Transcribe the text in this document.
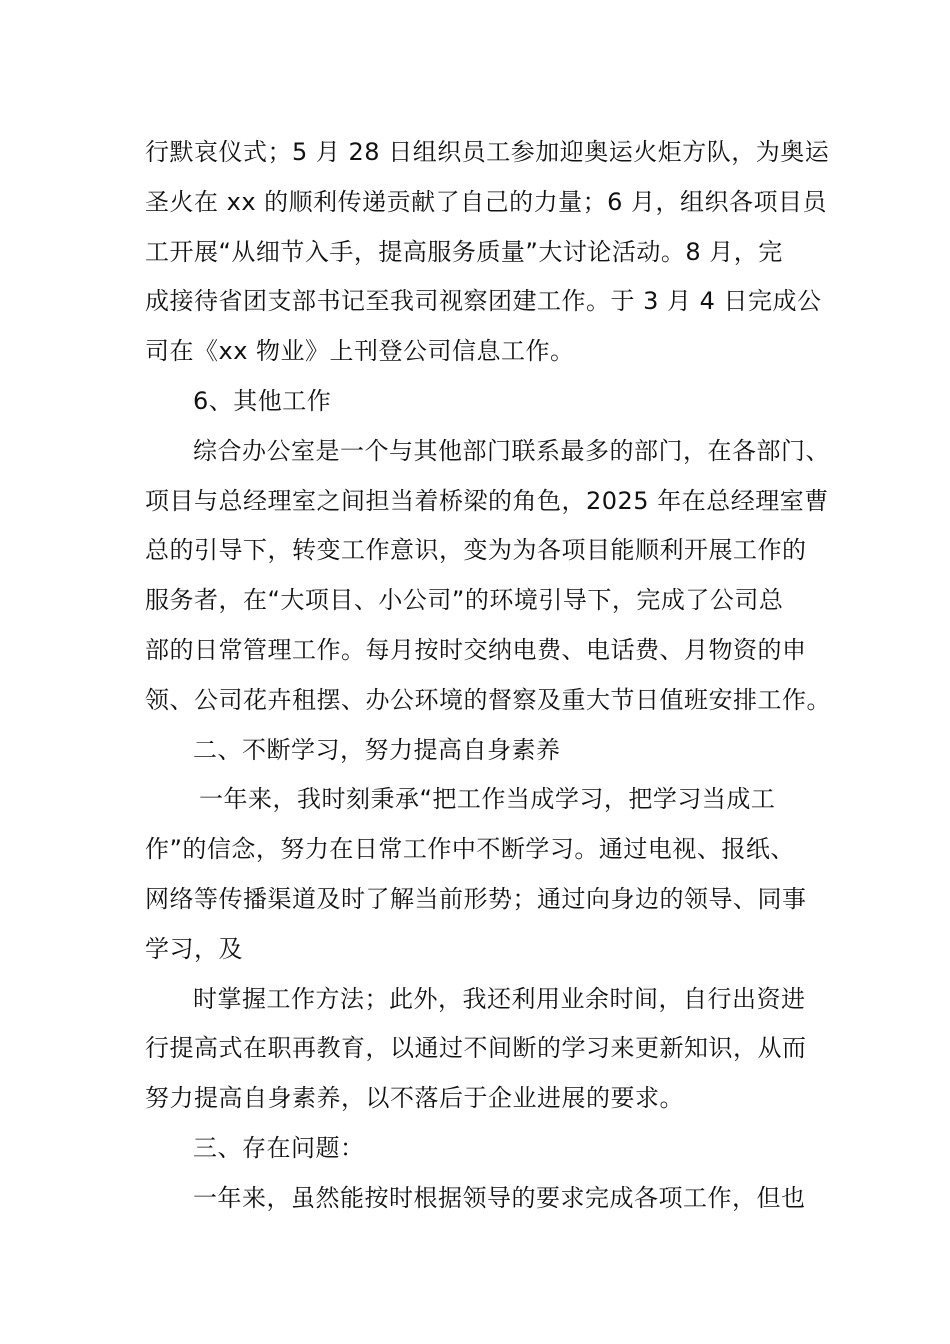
行默哀仪式；5 月 28 日组织员工参加迎奥运火炬方队，为奥运
圣火在 xx 的顺利传递贡献了自己的力量；6 月，组织各项目员
工开展“从细节入手，提高服务质量”大讨论活动。8 月，完
成接待省团支部书记至我司视察团建工作。于 3 月 4 日完成公
司在《xx 物业》上刊登公司信息工作。
6、其他工作
综合办公室是一个与其他部门联系最多的部门，在各部门、
项目与总经理室之间担当着桥梁的角色，2025 年在总经理室曹
总的引导下，转变工作意识，变为为各项目能顺利开展工作的
服务者，在“大项目、小公司”的环境引导下，完成了公司总
部的日常管理工作。每月按时交纳电费、电话费、月物资的申
领、公司花卉租摆、办公环境的督察及重大节日值班安排工作。
二、不断学习，努力提高自身素养
一年来，我时刻秉承“把工作当成学习，把学习当成工
作”的信念，努力在日常工作中不断学习。通过电视、报纸、
网络等传播渠道及时了解当前形势；通过向身边的领导、同事
学习，及
时掌握工作方法；此外，我还利用业余时间，自行出资进
行提高式在职再教育，以通过不间断的学习来更新知识，从而
努力提高自身素养，以不落后于企业进展的要求。
三、存在问题：
一年来，虽然能按时根据领导的要求完成各项工作，但也
